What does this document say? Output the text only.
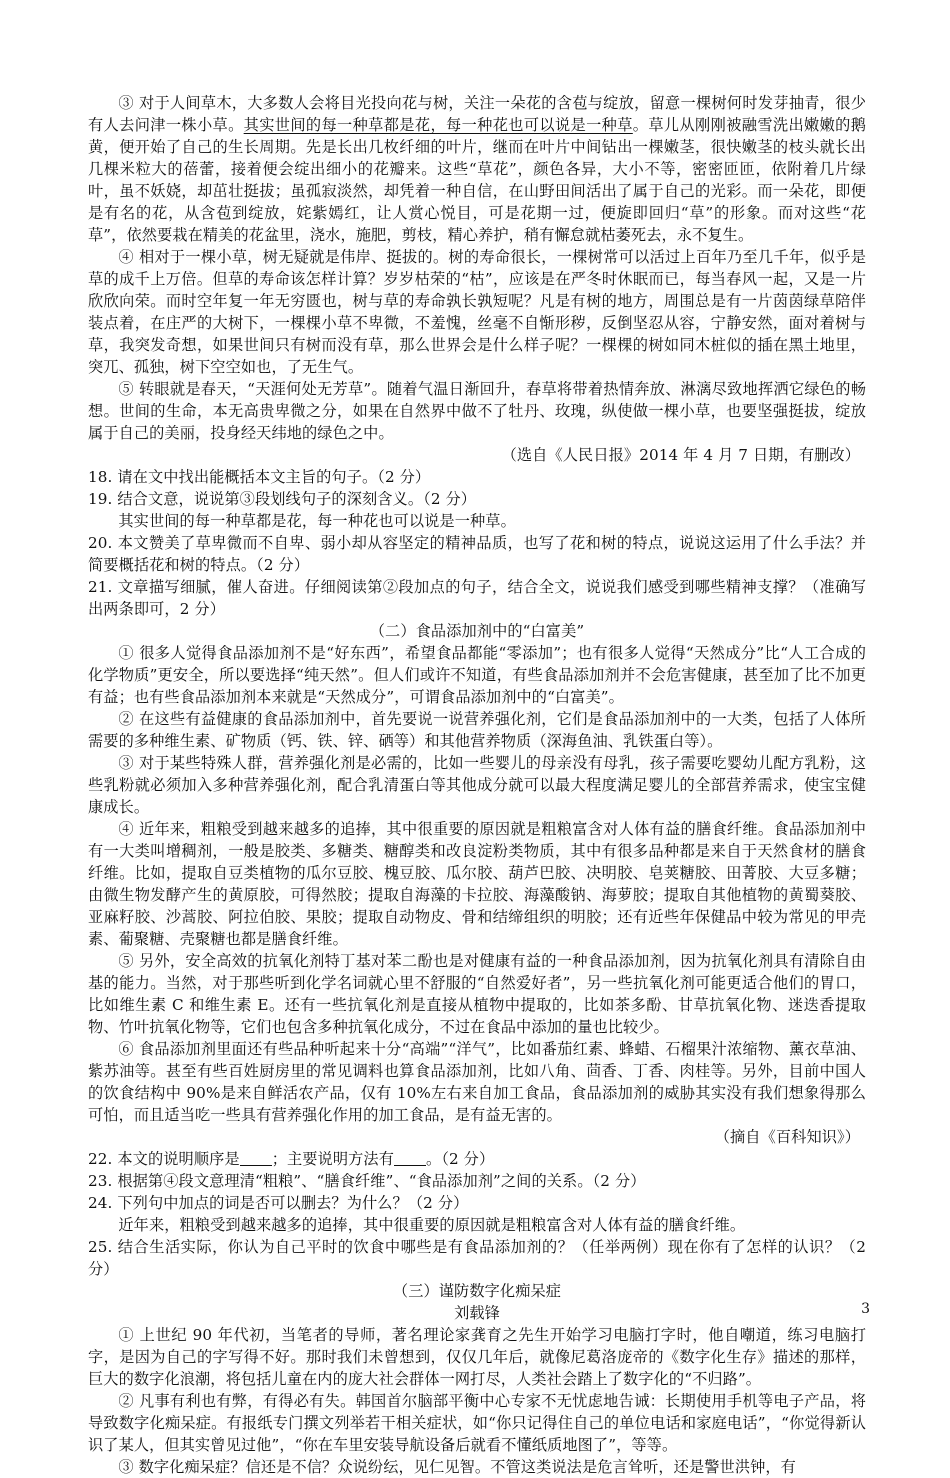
③ 对于人间草木，大多数人会将目光投向花与树，关注一朵花的含苞与绽放，留意一棵树何时发芽抽青，很少有人去问津一株小草。其实世间的每一种草都是花，每一种花也可以说是一种草。草儿从刚刚被融雪洗出嫩嫩的鹅黄，便开始了自己的生长周期。先是长出几枚纤细的叶片，继而在叶片中间钻出一棵嫩茎，很快嫩茎的枝头就长出几棵米粒大的蓓蕾，接着便会绽出细小的花瓣来。这些“草花”，颜色各异，大小不等，密密匝匝，依附着几片绿叶，虽不妖娆，却茁壮挺拔；虽孤寂淡然，却凭着一种自信，在山野田间活出了属于自己的光彩。而一朵花，即便是有名的花，从含苞到绽放，姹紫嫣红，让人赏心悦目，可是花期一过，便旋即回归“草”的形象。而对这些“花草”，依然要栽在精美的花盆里，浇水，施肥，剪枝，精心养护，稍有懈怠就枯萎死去，永不复生。

④ 相对于一棵小草，树无疑就是伟岸、挺拔的。树的寿命很长，一棵树常可以活过上百年乃至几千年，似乎是草的成千上万倍。但草的寿命该怎样计算？岁岁枯荣的“枯”，应该是在严冬时休眠而已，每当春风一起，又是一片欣欣向荣。而时空年复一年无穷匮也，树与草的寿命孰长孰短呢？凡是有树的地方，周围总是有一片茵茵绿草陪伴装点着，在庄严的大树下，一棵棵小草不卑微，不羞愧，丝毫不自惭形秽，反倒坚忍从容，宁静安然，面对着树与草，我突发奇想，如果世间只有树而没有草，那么世界会是什么样子呢？一棵棵的树如同木桩似的插在黑土地里，突兀、孤独，树下空空如也，了无生气。

⑤ 转眼就是春天，“天涯何处无芳草”。随着气温日渐回升，春草将带着热情奔放、淋漓尽致地挥洒它绿色的畅想。世间的生命，本无高贵卑微之分，如果在自然界中做不了牡丹、玫瑰，纵使做一棵小草，也要坚强挺拔，绽放属于自己的美丽，投身经天纬地的绿色之中。

（选自《人民日报》2014 年 4 月 7 日期，有删改）

18. 请在文中找出能概括本文主旨的句子。（2 分）

19. 结合文意，说说第③段划线句子的深刻含义。（2 分）

其实世间的每一种草都是花，每一种花也可以说是一种草。

20. 本文赞美了草卑微而不自卑、弱小却从容坚定的精神品质，也写了花和树的特点，说说这运用了什么手法？并简要概括花和树的特点。（2 分）

21. 文章描写细腻，催人奋进。仔细阅读第②段加点的句子，结合全文，说说我们感受到哪些精神支撑？（准确写出两条即可，2 分）

（二）食品添加剂中的“白富美”

① 很多人觉得食品添加剂不是“好东西”，希望食品都能“零添加”；也有很多人觉得“天然成分”比“人工合成的化学物质”更安全，所以要选择“纯天然”。但人们或许不知道，有些食品添加剂并不会危害健康，甚至加了比不加更有益；也有些食品添加剂本来就是“天然成分”，可谓食品添加剂中的“白富美”。

② 在这些有益健康的食品添加剂中，首先要说一说营养强化剂，它们是食品添加剂中的一大类，包括了人体所需要的多种维生素、矿物质（钙、铁、锌、硒等）和其他营养物质（深海鱼油、乳铁蛋白等）。

③ 对于某些特殊人群，营养强化剂是必需的，比如一些婴儿的母亲没有母乳，孩子需要吃婴幼儿配方乳粉，这些乳粉就必须加入多种营养强化剂，配合乳清蛋白等其他成分就可以最大程度满足婴儿的全部营养需求，使宝宝健康成长。

④ 近年来，粗粮受到越来越多的追捧，其中很重要的原因就是粗粮富含对人体有益的膳食纤维。食品添加剂中有一大类叫增稠剂，一般是胶类、多糖类、糖醇类和改良淀粉类物质，其中有很多品种都是来自于天然食材的膳食纤维。比如，提取自豆类植物的瓜尔豆胶、槐豆胶、瓜尔胶、葫芦巴胶、决明胶、皂荚糖胶、田菁胶、大豆多糖；由微生物发酵产生的黄原胶，可得然胶；提取自海藻的卡拉胶、海藻酸钠、海萝胶；提取自其他植物的黄蜀葵胶、亚麻籽胶、沙蒿胶、阿拉伯胶、果胶；提取自动物皮、骨和结缔组织的明胶；还有近些年保健品中较为常见的甲壳素、葡聚糖、壳聚糖也都是膳食纤维。

⑤ 另外，安全高效的抗氧化剂特丁基对苯二酚也是对健康有益的一种食品添加剂，因为抗氧化剂具有清除自由基的能力。当然，对于那些听到化学名词就心里不舒服的“自然爱好者”，另一些抗氧化剂可能更适合他们的胃口，比如维生素 C 和维生素 E。还有一些抗氧化剂是直接从植物中提取的，比如茶多酚、甘草抗氧化物、迷迭香提取物、竹叶抗氧化物等，它们也包含多种抗氧化成分，不过在食品中添加的量也比较少。

⑥ 食品添加剂里面还有些品种听起来十分“高端”“洋气”，比如番茄红素、蜂蜡、石榴果汁浓缩物、薰衣草油、紫苏油等。甚至有些百姓厨房里的常见调料也算食品添加剂，比如八角、茴香、丁香、肉桂等。另外，目前中国人的饮食结构中 90%是来自鲜活农产品，仅有 10%左右来自加工食品，食品添加剂的威胁其实没有我们想象得那么可怕，而且适当吃一些具有营养强化作用的加工食品，是有益无害的。

（摘自《百科知识》）

22. 本文的说明顺序是 ；主要说明方法有 。（2 分）

23. 根据第④段文意理清“粗粮”、“膳食纤维”、“食品添加剂”之间的关系。（2 分）

24. 下列句中加点的词是否可以删去？为什么？（2 分）

近年来，粗粮受到越来越多的追捧，其中很重要的原因就是粗粮富含对人体有益的膳食纤维。

25. 结合生活实际，你认为自己平时的饮食中哪些是有食品添加剂的？（任举两例）现在你有了怎样的认识？（2 分）

（三）谨防数字化痴呆症

刘载锋

① 上世纪 90 年代初，当笔者的导师，著名理论家龚育之先生开始学习电脑打字时，他自嘲道，练习电脑打字，是因为自己的字写得不好。那时我们未曾想到，仅仅几年后，就像尼葛洛庞帝的《数字化生存》描述的那样，巨大的数字化浪潮，将包括儿童在内的庞大社会群体一网打尽，人类社会踏上了数字化的“不归路”。

② 凡事有利也有弊，有得必有失。韩国首尔脑部平衡中心专家不无忧虑地告诫：长期使用手机等电子产品，将导致数字化痴呆症。有报纸专门撰文列举若干相关症状，如“你只记得住自己的单位电话和家庭电话”，“你觉得新认识了某人，但其实曾见过他”，“你在车里安装导航设备后就看不懂纸质地图了”，等等。

③ 数字化痴呆症？信还是不信？众说纷纭，见仁见智。不管这类说法是危言耸听，还是警世洪钟，有

3
